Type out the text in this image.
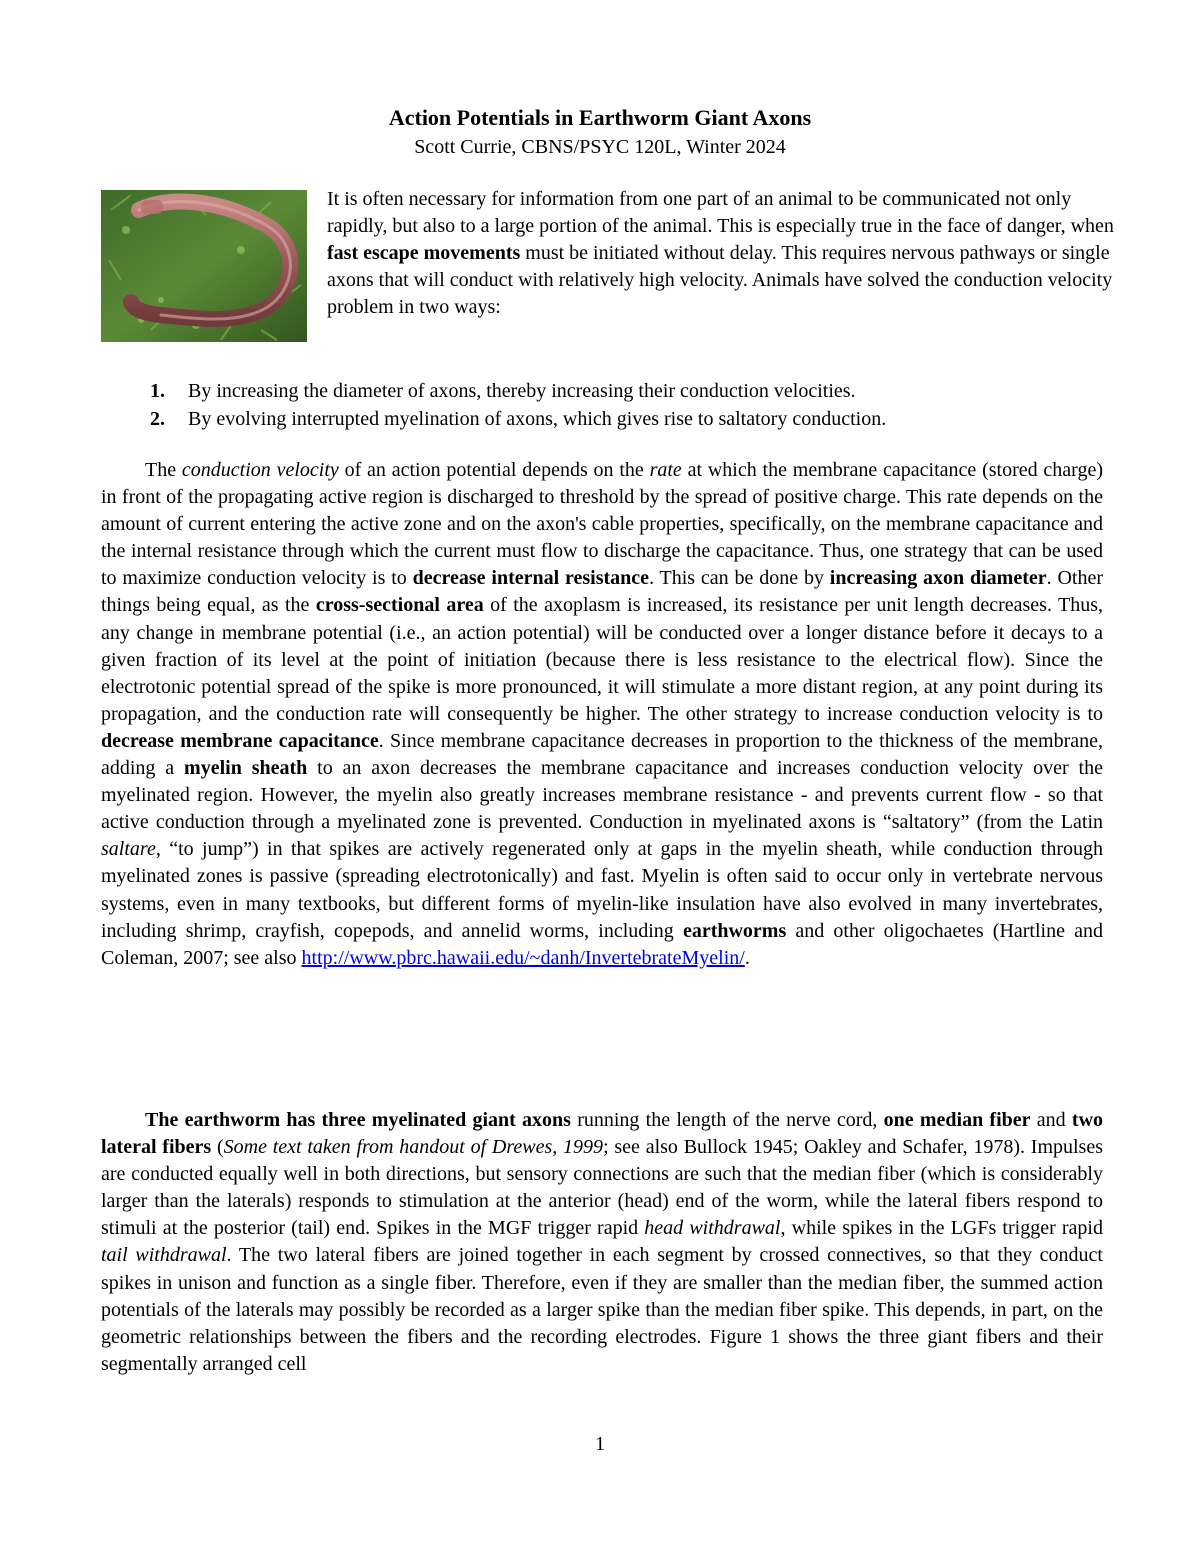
Action Potentials in Earthworm Giant Axons
Scott Currie, CBNS/PSYC 120L, Winter 2024

It is often necessary for information from one part of an animal to be communicated not only rapidly, but also to a large portion of the animal. This is especially true in the face of danger, when fast escape movements must be initiated without delay. This requires nervous pathways or single axons that will conduct with relatively high velocity. Animals have solved the conduction velocity problem in two ways:

1. By increasing the diameter of axons, thereby increasing their conduction velocities.
2. By evolving interrupted myelination of axons, which gives rise to saltatory conduction.

The conduction velocity of an action potential depends on the rate at which the membrane capacitance (stored charge) in front of the propagating active region is discharged to threshold by the spread of positive charge. This rate depends on the amount of current entering the active zone and on the axon's cable properties, specifically, on the membrane capacitance and the internal resistance through which the current must flow to discharge the capacitance. Thus, one strategy that can be used to maximize conduction velocity is to decrease internal resistance. This can be done by increasing axon diameter. Other things being equal, as the cross-sectional area of the axoplasm is increased, its resistance per unit length decreases. Thus, any change in membrane potential (i.e., an action potential) will be conducted over a longer distance before it decays to a given fraction of its level at the point of initiation (because there is less resistance to the electrical flow). Since the electrotonic potential spread of the spike is more pronounced, it will stimulate a more distant region, at any point during its propagation, and the conduction rate will consequently be higher. The other strategy to increase conduction velocity is to decrease membrane capacitance. Since membrane capacitance decreases in proportion to the thickness of the membrane, adding a myelin sheath to an axon decreases the membrane capacitance and increases conduction velocity over the myelinated region. However, the myelin also greatly increases membrane resistance - and prevents current flow - so that active conduction through a myelinated zone is prevented. Conduction in myelinated axons is “saltatory” (from the Latin saltare, “to jump”) in that spikes are actively regenerated only at gaps in the myelin sheath, while conduction through myelinated zones is passive (spreading electrotonically) and fast. Myelin is often said to occur only in vertebrate nervous systems, even in many textbooks, but different forms of myelin-like insulation have also evolved in many invertebrates, including shrimp, crayfish, copepods, and annelid worms, including earthworms and other oligochaetes (Hartline and Coleman, 2007; see also http://www.pbrc.hawaii.edu/~danh/InvertebrateMyelin/.

The earthworm has three myelinated giant axons running the length of the nerve cord, one median fiber and two lateral fibers (Some text taken from handout of Drewes, 1999; see also Bullock 1945; Oakley and Schafer, 1978). Impulses are conducted equally well in both directions, but sensory connections are such that the median fiber (which is considerably larger than the laterals) responds to stimulation at the anterior (head) end of the worm, while the lateral fibers respond to stimuli at the posterior (tail) end. Spikes in the MGF trigger rapid head withdrawal, while spikes in the LGFs trigger rapid tail withdrawal. The two lateral fibers are joined together in each segment by crossed connectives, so that they conduct spikes in unison and function as a single fiber. Therefore, even if they are smaller than the median fiber, the summed action potentials of the laterals may possibly be recorded as a larger spike than the median fiber spike. This depends, in part, on the geometric relationships between the fibers and the recording electrodes. Figure 1 shows the three giant fibers and their segmentally arranged cell

1
